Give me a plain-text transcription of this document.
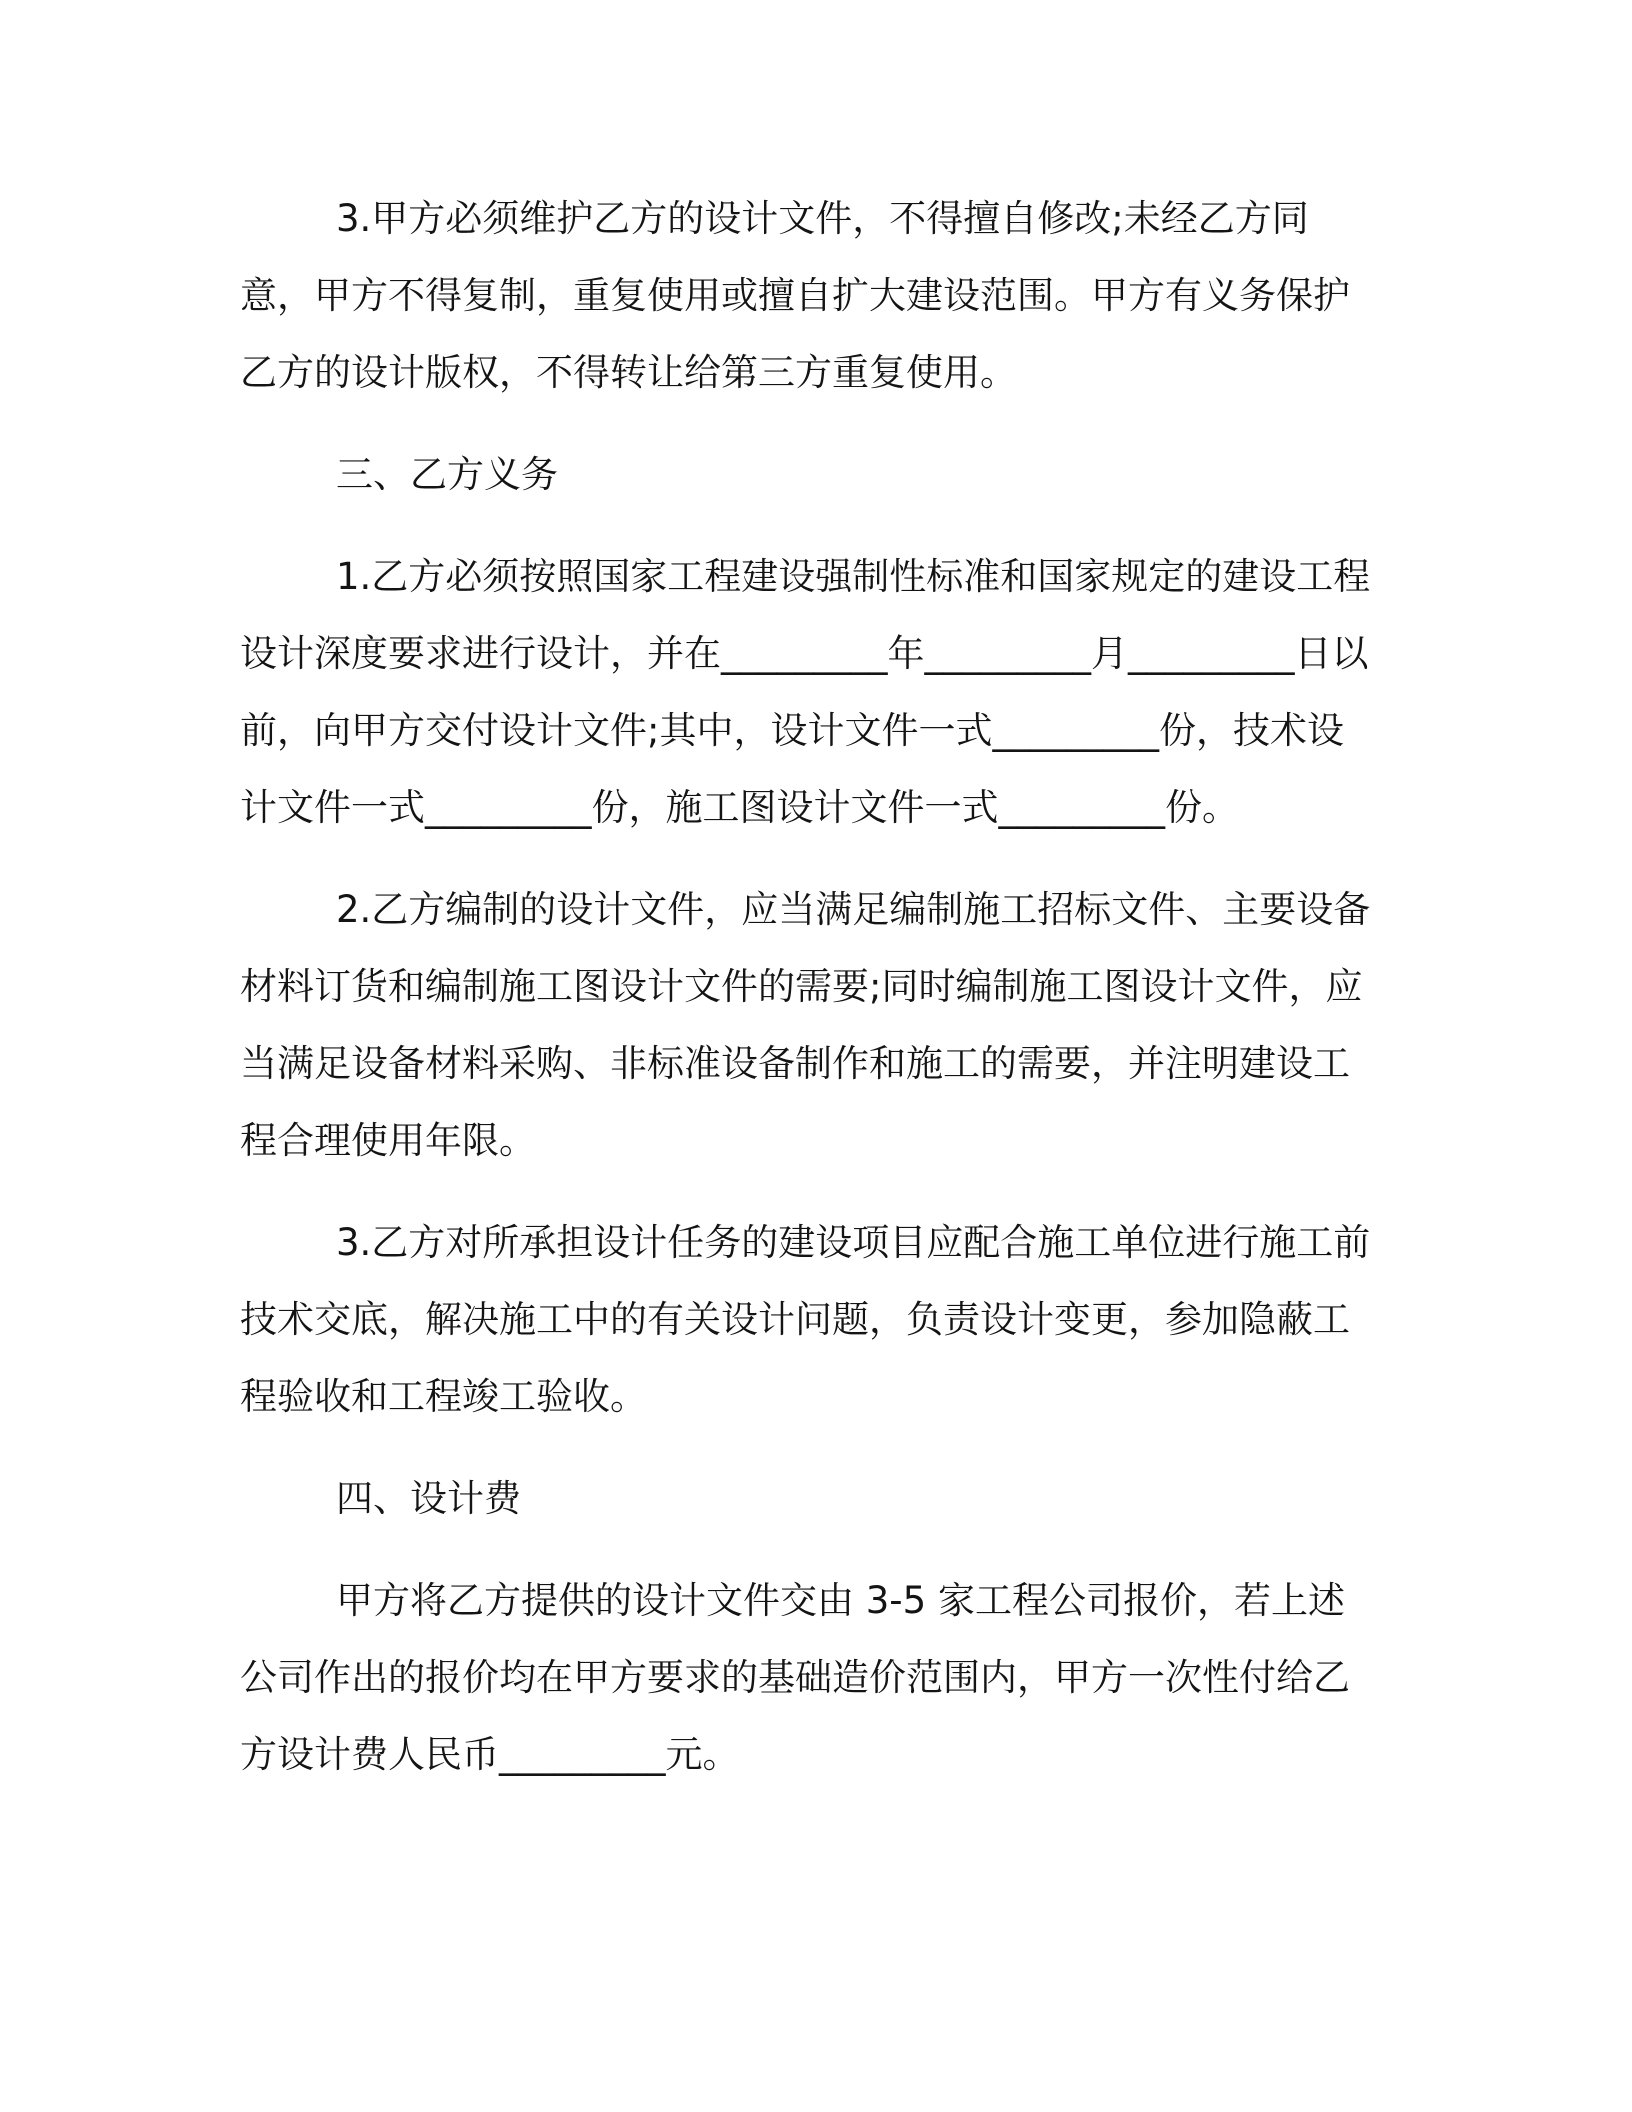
3.甲方必须维护乙方的设计文件，不得擅自修改;未经乙方同意，甲方不得复制，重复使用或擅自扩大建设范围。甲方有义务保护乙方的设计版权，不得转让给第三方重复使用。

三、乙方义务

1.乙方必须按照国家工程建设强制性标准和国家规定的建设工程设计深度要求进行设计，并在_________年_________月_________日以前，向甲方交付设计文件;其中，设计文件一式_________份，技术设计文件一式_________份，施工图设计文件一式_________份。

2.乙方编制的设计文件，应当满足编制施工招标文件、主要设备材料订货和编制施工图设计文件的需要;同时编制施工图设计文件，应当满足设备材料采购、非标准设备制作和施工的需要，并注明建设工程合理使用年限。

3.乙方对所承担设计任务的建设项目应配合施工单位进行施工前技术交底，解决施工中的有关设计问题，负责设计变更，参加隐蔽工程验收和工程竣工验收。

四、设计费

甲方将乙方提供的设计文件交由 3-5 家工程公司报价，若上述公司作出的报价均在甲方要求的基础造价范围内，甲方一次性付给乙方设计费人民币_________元。
